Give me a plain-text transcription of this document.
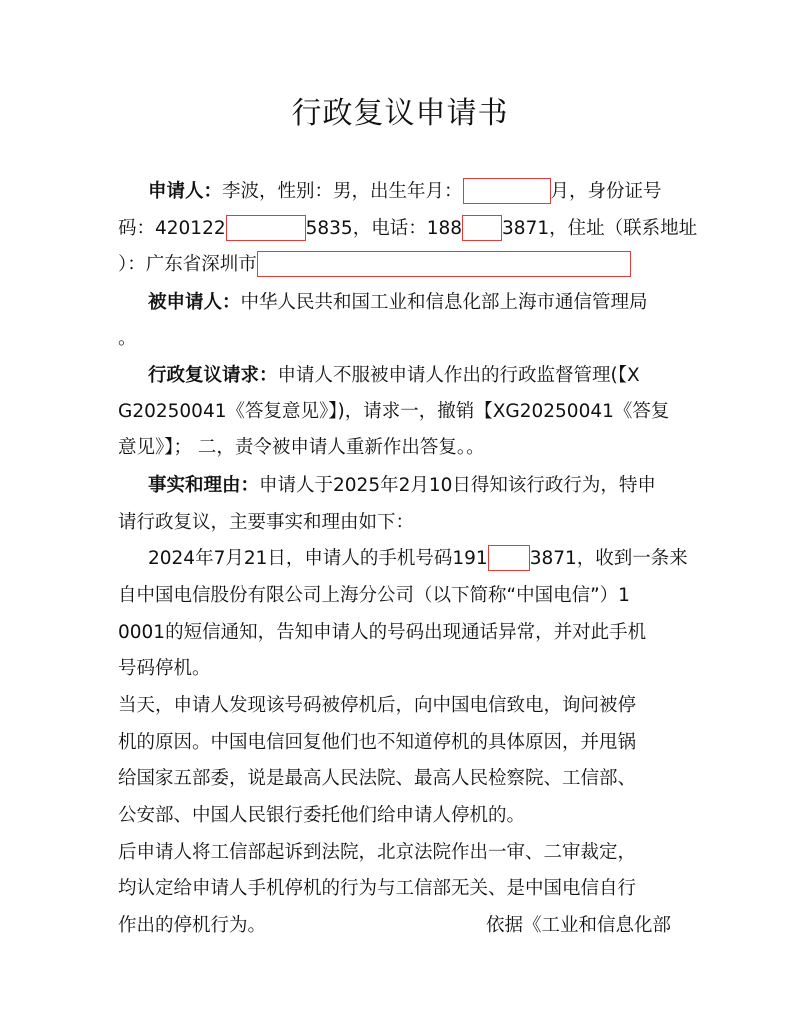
行政复议申请书
申请人：李波，性别：男，出生年月：	月，身份证号
码：420122	5835，电话：188 3871，住址（联系地址
）：广东省深圳市
被申请人：中华人民共和国工业和信息化部上海市通信管理局
。
行政复议请求：申请人不服被申请人作出的行政监督管理(【X
G20250041《答复意见》】)，请求一，撤销【XG20250041《答复
意见》】； 二，责令被申请人重新作出答复。。
事实和理由：申请人于2025年2月10日得知该行政行为，特申
请行政复议，主要事实和理由如下：
2024年7月21日，申请人的手机号码191 3871，收到一条来
自中国电信股份有限公司上海分公司（以下简称“中国电信”）1
0001的短信通知，告知申请人的号码出现通话异常，并对此手机
号码停机。
当天，申请人发现该号码被停机后，向中国电信致电，询问被停
机的原因。中国电信回复他们也不知道停机的具体原因，并甩锅
给国家五部委，说是最高人民法院、最高人民检察院、工信部、
公安部、中国人民银行委托他们给申请人停机的。
后申请人将工信部起诉到法院，北京法院作出一审、二审裁定，
均认定给申请人手机停机的行为与工信部无关、是中国电信自行
作出的停机行为。	依据《工业和信息化部
